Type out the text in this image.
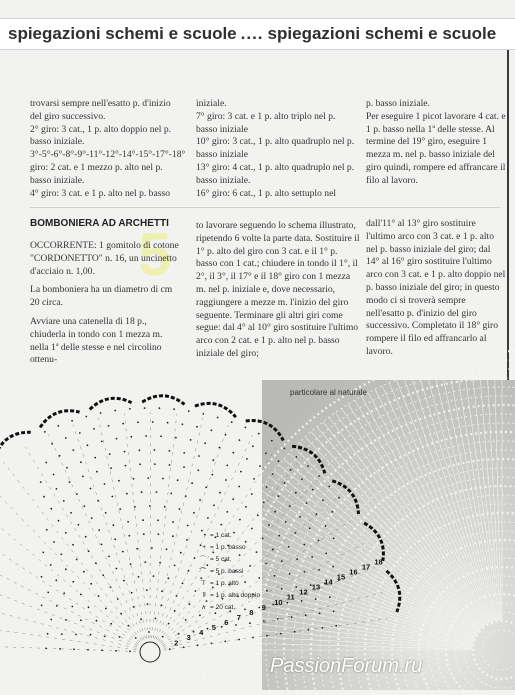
spiegazioni schemi e scuole .... spiegazioni schemi e scuole

trovarsi sempre nell'esatto p. d'inizio del giro successivo.

2° giro: 3 cat., 1 p. alto doppio nel p. basso iniziale.

3°-5°-6°-8°-9°-11°-12°-14°-15°-17°-18° giro: 2 cat. e 1 mezzo p. alto nel p. basso iniziale.

4° giro: 3 cat. e 1 p. alto nel p. basso

iniziale.

7° giro: 3 cat. e 1 p. alto triplo nel p. basso iniziale

10° giro: 3 cat., 1 p. alto quadruplo nel p. basso iniziale

13° giro: 4 cat., 1 p. alto quadruplo nel p. basso iniziale.

16° giro: 6 cat., 1 p. alto settuplo nel

p. basso iniziale.

Per eseguire 1 picot lavorare 4 cat. e 1 p. basso nella 1ª delle stesse. Al termine del 19° giro, eseguire 1 mezza m. nel p. basso iniziale del giro quindi, rompere ed affrancare il filo al lavoro.

5
BOMBONIERA AD ARCHETTI

OCCORRENTE: 1 gomitolo di cotone "CORDONETTO" n. 16, un uncinetto d'acciaio n. 1,00.

La bomboniera ha un diametro di cm 20 circa.

Avviare una catenella di 18 p., chiuderla in tondo con 1 mezza m. nella 1ª delle stesse e nel circolino ottenu-

to lavorare seguendo lo schema illustrato, ripetendo 6 volte la parte data. Sostituire il 1° p. alto del giro con 3 cat. e il 1° p. basso con 1 cat.; chiudere in tondo il 1°, il 2°, il 3°, il 17° e il 18° giro con 1 mezza m. nel p. iniziale e, dove necessario, raggiungere a mezze m. l'inizio del giro seguente. Terminare gli altri giri come segue: dal 4° al 10° giro sostituire l'ultimo arco con 2 cat. e 1 p. alto nel p. basso iniziale del giro;

dall'11° al 13° giro sostituire l'ultimo arco con 3 cat. e 1 p. alto nel p. basso iniziale del giro; dal 14° al 16° giro sostituire l'ultimo arco con 3 cat. e 1 p. alto doppio nel p. basso iniziale del giro; in questo modo ci si troverà sempre nell'esatto p. d'inizio del giro successivo. Completato il 18° giro rompere il filo ed affrancarlo al lavoro.

particolare al naturale
2
3
4
5
6
7
8
9
10
11
12
13
14
15
16
17
18
• = 1 cat.
+ = 1 p. basso
⌒ = 5 cat.
⌒ = 5 p. bassi
⊤ = 1 p. alto
⫪ = 1 p. alto doppio
∧ = 20 cat.
PassionForum.ru
